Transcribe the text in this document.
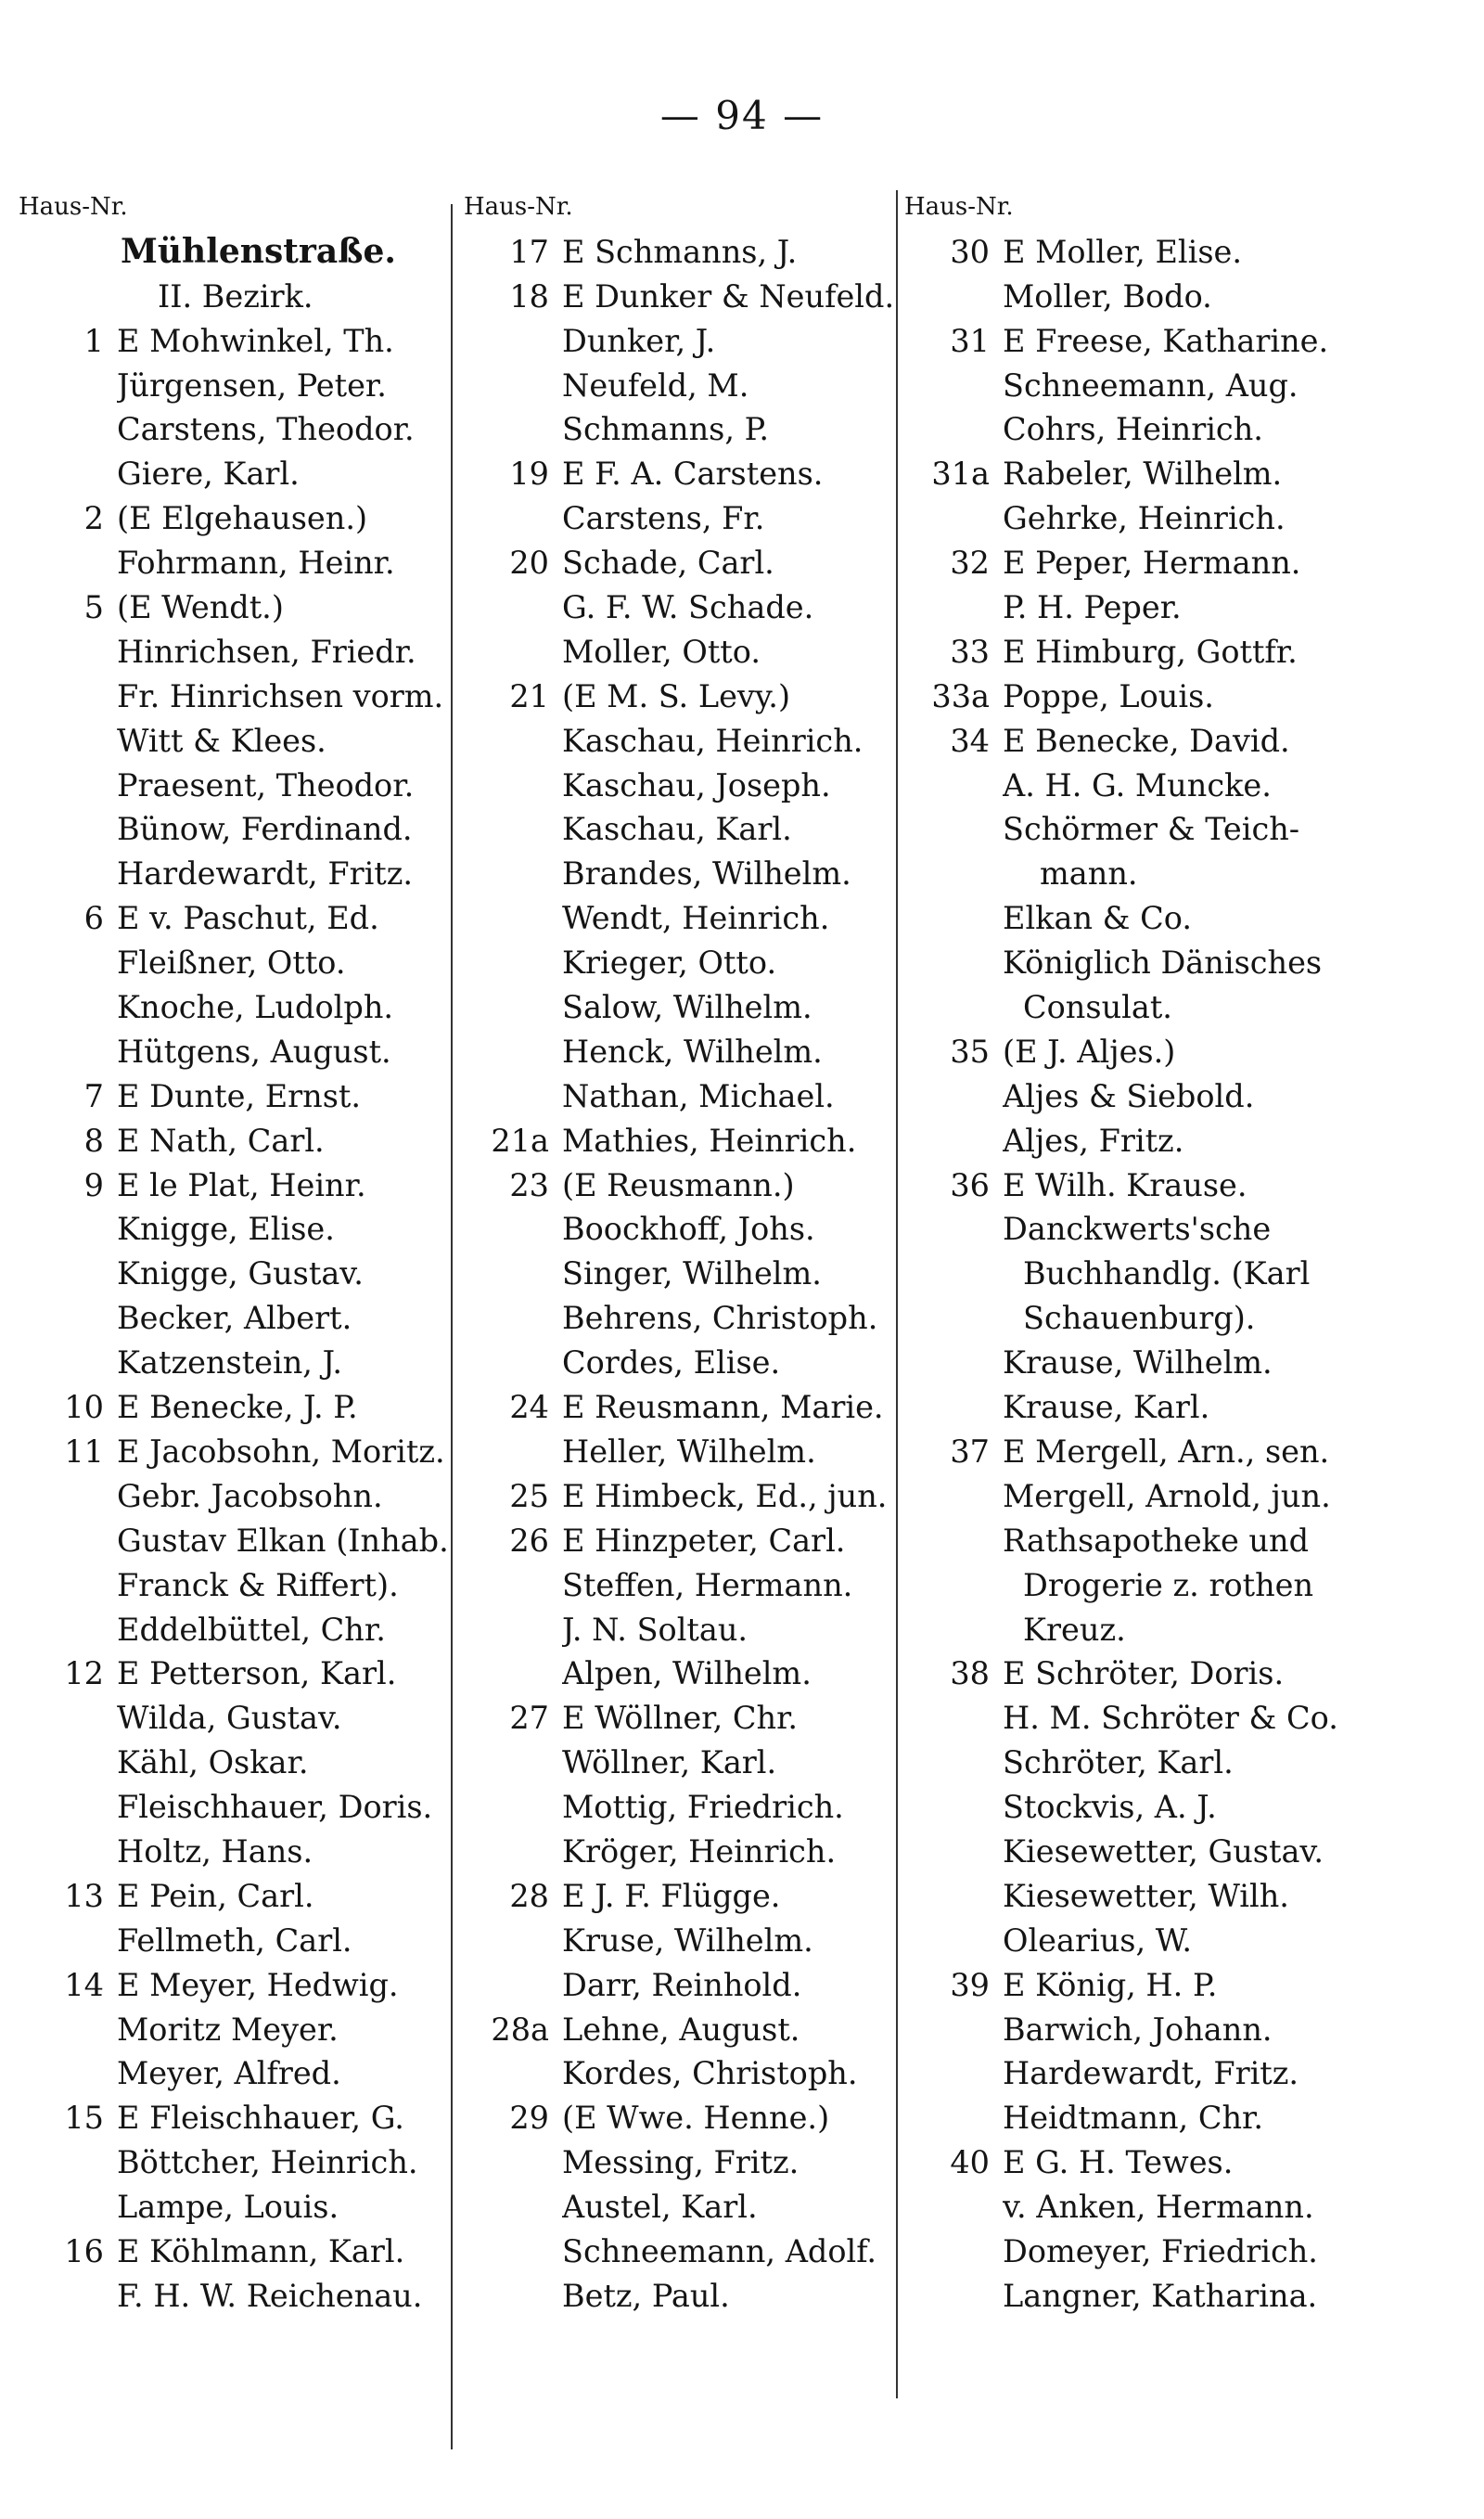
— 94 —
Haus-Nr.
Mühlenstraße.
II. Bezirk.
1 E Mohwinkel, Th.
Jürgensen, Peter.
Carstens, Theodor.
Giere, Karl.
2 (E Elgehausen.)
Fohrmann, Heinr.
5 (E Wendt.)
Hinrichsen, Friedr.
Fr. Hinrichsen vorm.
Witt & Klees.
Praesent, Theodor.
Bünow, Ferdinand.
Hardewardt, Fritz.
6 E v. Paschut, Ed.
Fleißner, Otto.
Knoche, Ludolph.
Hütgens, August.
7 E Dunte, Ernst.
8 E Nath, Carl.
9 E le Plat, Heinr.
Knigge, Elise.
Knigge, Gustav.
Becker, Albert.
Katzenstein, J.
10 E Benecke, J. P.
11 E Jacobsohn, Moritz.
Gebr. Jacobsohn.
Gustav Elkan (Inhab.
Franck & Riffert).
Eddelbüttel, Chr.
12 E Petterson, Karl.
Wilda, Gustav.
Kähl, Oskar.
Fleischhauer, Doris.
Holtz, Hans.
13 E Pein, Carl.
Fellmeth, Carl.
14 E Meyer, Hedwig.
Moritz Meyer.
Meyer, Alfred.
15 E Fleischhauer, G.
Böttcher, Heinrich.
Lampe, Louis.
16 E Köhlmann, Karl.
F. H. W. Reichenau.
Haus-Nr.
17 E Schmanns, J.
18 E Dunker & Neufeld.
Dunker, J.
Neufeld, M.
Schmanns, P.
19 E F. A. Carstens.
Carstens, Fr.
20 Schade, Carl.
G. F. W. Schade.
Moller, Otto.
21 (E M. S. Levy.)
Kaschau, Heinrich.
Kaschau, Joseph.
Kaschau, Karl.
Brandes, Wilhelm.
Wendt, Heinrich.
Krieger, Otto.
Salow, Wilhelm.
Henck, Wilhelm.
Nathan, Michael.
21a Mathies, Heinrich.
23 (E Reusmann.)
Boockhoff, Johs.
Singer, Wilhelm.
Behrens, Christoph.
Cordes, Elise.
24 E Reusmann, Marie.
Heller, Wilhelm.
25 E Himbeck, Ed., jun.
26 E Hinzpeter, Carl.
Steffen, Hermann.
J. N. Soltau.
Alpen, Wilhelm.
27 E Wöllner, Chr.
Wöllner, Karl.
Mottig, Friedrich.
Kröger, Heinrich.
28 E J. F. Flügge.
Kruse, Wilhelm.
Darr, Reinhold.
28a Lehne, August.
Kordes, Christoph.
29 (E Wwe. Henne.)
Messing, Fritz.
Austel, Karl.
Schneemann, Adolf.
Betz, Paul.
Haus-Nr.
30 E Moller, Elise.
Moller, Bodo.
31 E Freese, Katharine.
Schneemann, Aug.
Cohrs, Heinrich.
31a Rabeler, Wilhelm.
Gehrke, Heinrich.
32 E Peper, Hermann.
P. H. Peper.
33 E Himburg, Gottfr.
33a Poppe, Louis.
34 E Benecke, David.
A. H. G. Muncke.
Schörmer & Teich-
mann.
Elkan & Co.
Königlich Dänisches
Consulat.
35 (E J. Aljes.)
Aljes & Siebold.
Aljes, Fritz.
36 E Wilh. Krause.
Danckwerts'sche
Buchhandlg. (Karl
Schauenburg).
Krause, Wilhelm.
Krause, Karl.
37 E Mergell, Arn., sen.
Mergell, Arnold, jun.
Rathsapotheke und
Drogerie z. rothen
Kreuz.
38 E Schröter, Doris.
H. M. Schröter & Co.
Schröter, Karl.
Stockvis, A. J.
Kiesewetter, Gustav.
Kiesewetter, Wilh.
Olearius, W.
39 E König, H. P.
Barwich, Johann.
Hardewardt, Fritz.
Heidtmann, Chr.
40 E G. H. Tewes.
v. Anken, Hermann.
Domeyer, Friedrich.
Langner, Katharina.
